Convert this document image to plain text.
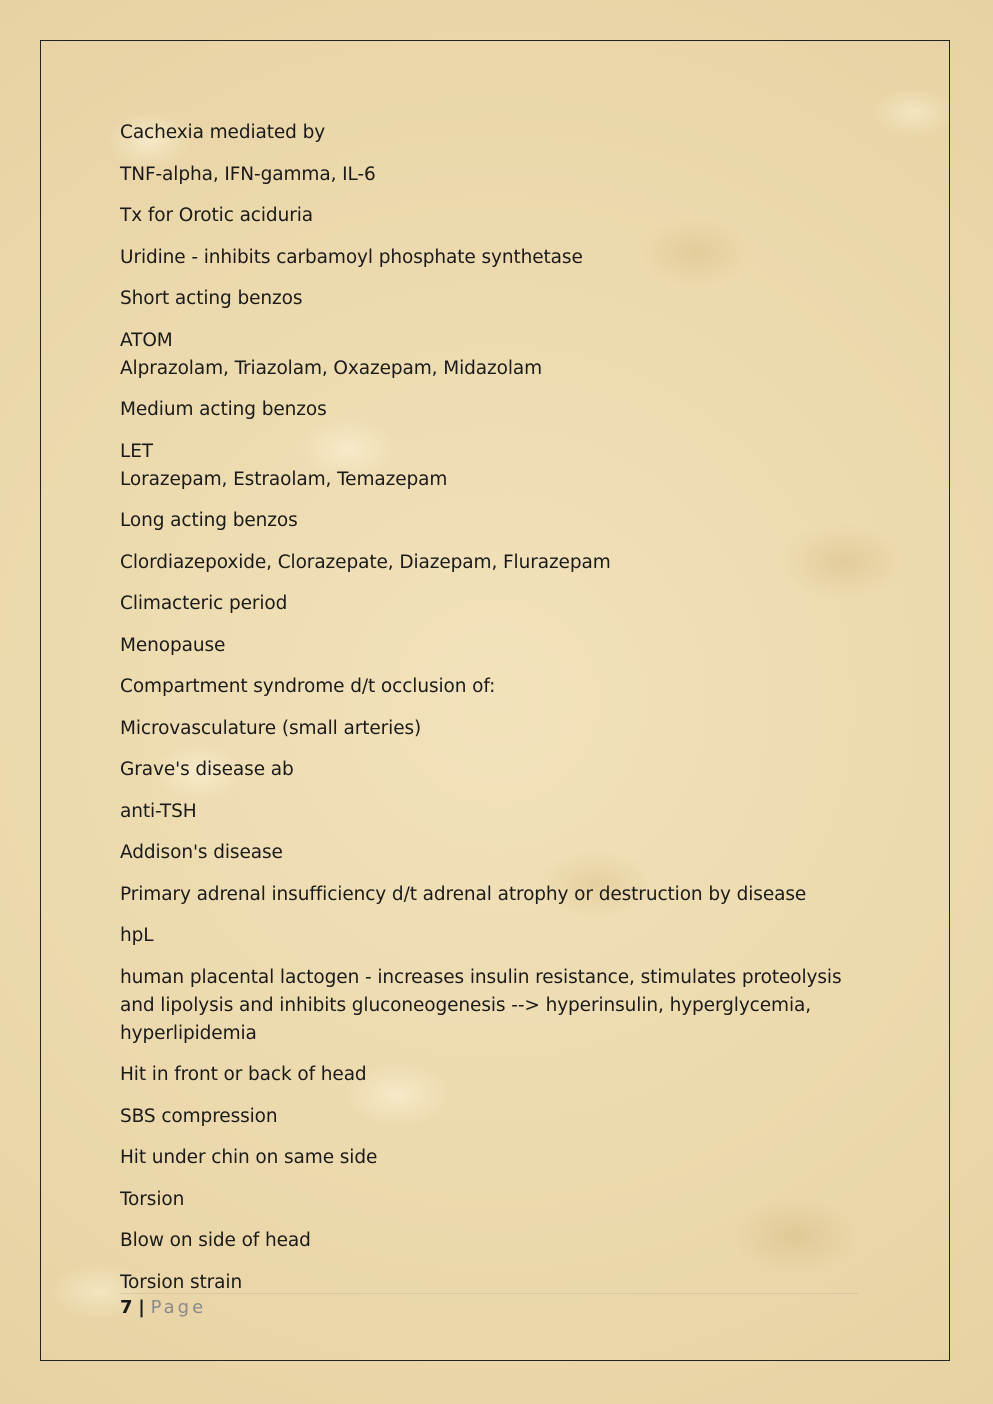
Cachexia mediated by

TNF-alpha, IFN-gamma, IL-6

Tx for Orotic aciduria

Uridine - inhibits carbamoyl phosphate synthetase

Short acting benzos

ATOM

Alprazolam, Triazolam, Oxazepam, Midazolam

Medium acting benzos

LET

Lorazepam, Estraolam, Temazepam

Long acting benzos

Clordiazepoxide, Clorazepate, Diazepam, Flurazepam

Climacteric period

Menopause

Compartment syndrome d/t occlusion of:

Microvasculature (small arteries)

Grave's disease ab

anti-TSH

Addison's disease

Primary adrenal insufficiency d/t adrenal atrophy or destruction by disease

hpL

human placental lactogen - increases insulin resistance, stimulates proteolysis and lipolysis and inhibits gluconeogenesis --> hyperinsulin, hyperglycemia, hyperlipidemia

Hit in front or back of head

SBS compression

Hit under chin on same side

Torsion

Blow on side of head

Torsion strain

7 | Page
